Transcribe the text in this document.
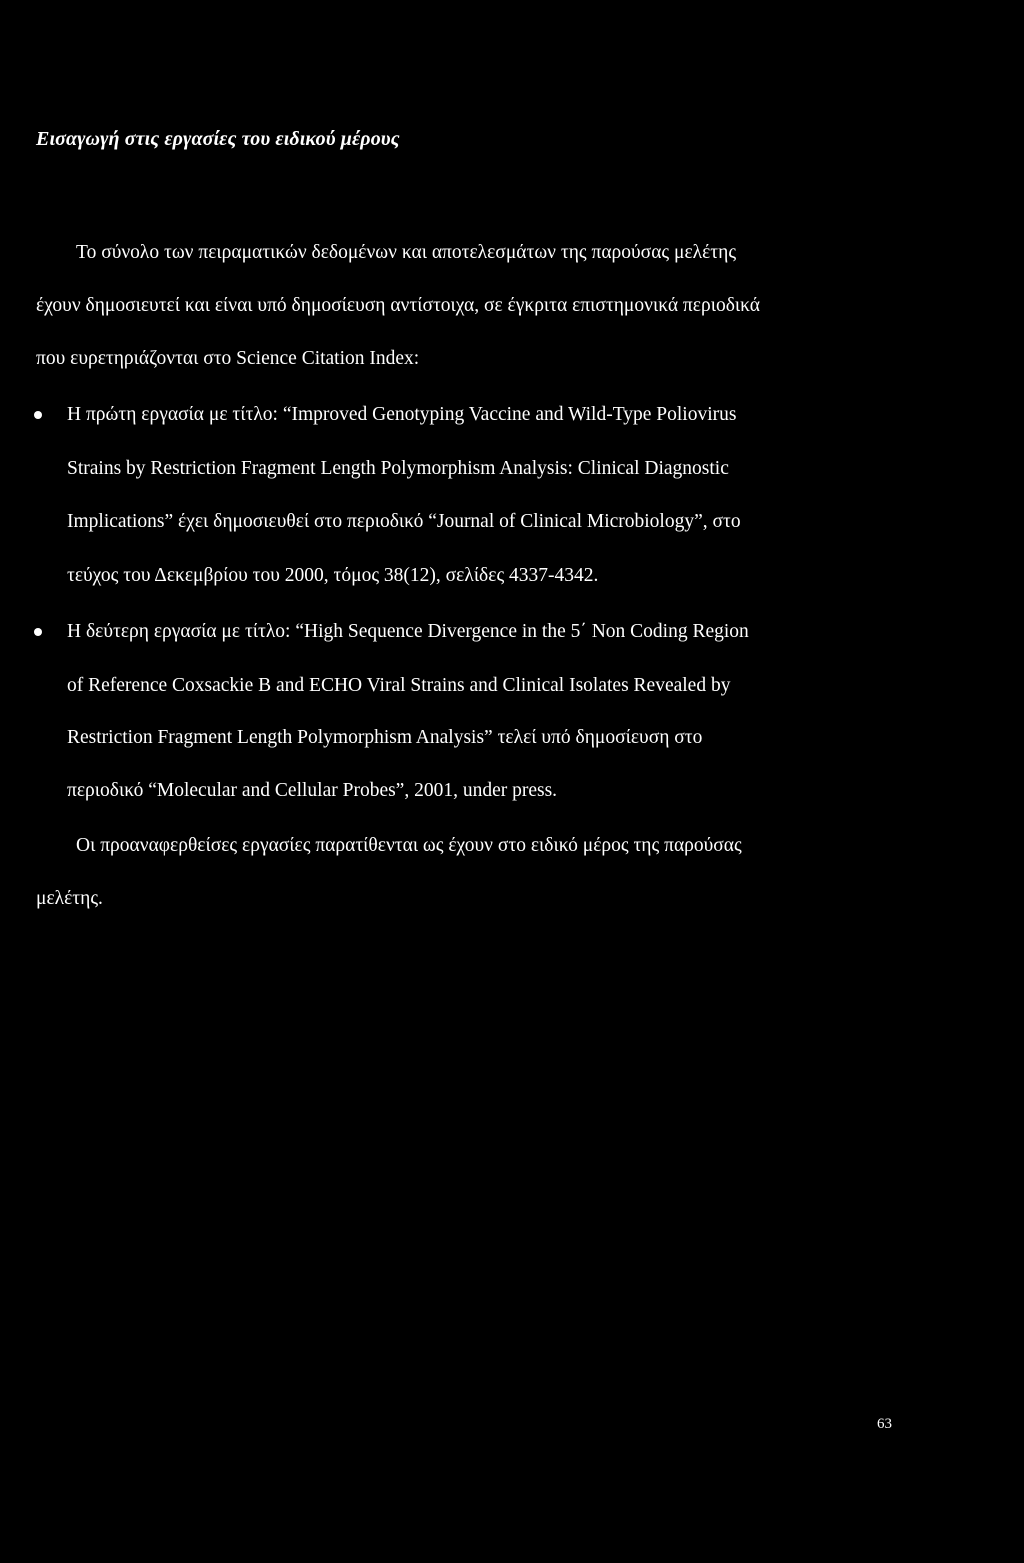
Εισαγωγή στις εργασίες του ειδικού μέρους

Το σύνολο των πειραματικών δεδομένων και αποτελεσμάτων της παρούσας μελέτης

έχουν δημοσιευτεί και είναι υπό δημοσίευση αντίστοιχα, σε έγκριτα επιστημονικά περιοδικά

που ευρετηριάζονται στο Science Citation Index:

Η πρώτη εργασία με τίτλο: “Improved Genotyping Vaccine and Wild-Type Poliovirus

Strains by Restriction Fragment Length Polymorphism Analysis: Clinical Diagnostic

Implications” έχει δημοσιευθεί στο περιοδικό “Journal of Clinical Microbiology”, στο

τεύχος του Δεκεμβρίου του 2000, τόμος 38(12), σελίδες 4337-4342.

Η δεύτερη εργασία με τίτλο: “High Sequence Divergence in the 5΄ Non Coding Region

of Reference Coxsackie B and ECHO Viral Strains and Clinical Isolates Revealed by

Restriction Fragment Length Polymorphism Analysis” τελεί υπό δημοσίευση στο

περιοδικό “Molecular and Cellular Probes”, 2001, under press.

Οι προαναφερθείσες εργασίες παρατίθενται ως έχουν στο ειδικό μέρος της παρούσας

μελέτης.

63
